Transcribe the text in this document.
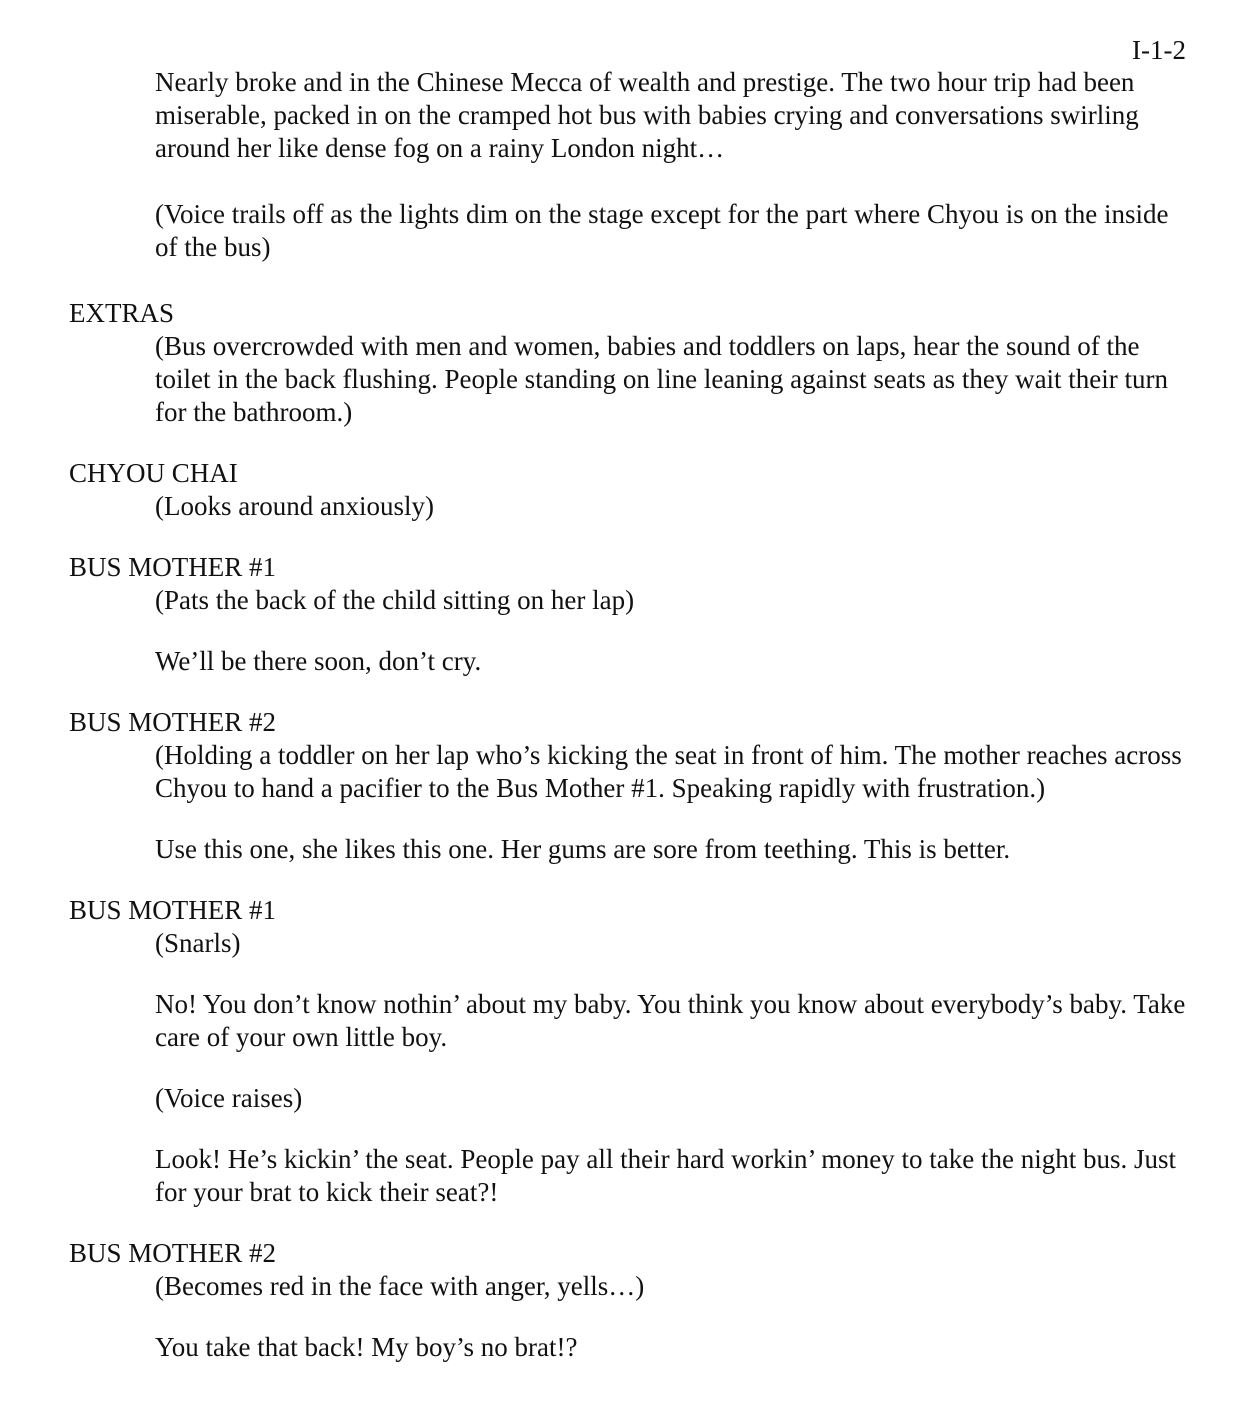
I-1-2

Nearly broke and in the Chinese Mecca of wealth and prestige. The two hour trip had been miserable, packed in on the cramped hot bus with babies crying and conversations swirling around her like dense fog on a rainy London night…

(Voice trails off as the lights dim on the stage except for the part where Chyou is on the inside of the bus)

EXTRAS

(Bus overcrowded with men and women, babies and toddlers on laps, hear the sound of the toilet in the back flushing. People standing on line leaning against seats as they wait their turn for the bathroom.)

CHYOU CHAI

(Looks around anxiously)

BUS MOTHER #1

(Pats the back of the child sitting on her lap)

We’ll be there soon, don’t cry.

BUS MOTHER #2

(Holding a toddler on her lap who’s kicking the seat in front of him. The mother reaches across Chyou to hand a pacifier to the Bus Mother #1. Speaking rapidly with frustration.)

Use this one, she likes this one. Her gums are sore from teething. This is better.

BUS MOTHER #1

(Snarls)

No! You don’t know nothin’ about my baby. You think you know about everybody’s baby. Take care of your own little boy.

(Voice raises)

Look! He’s kickin’ the seat. People pay all their hard workin’ money to take the night bus. Just for your brat to kick their seat?!

BUS MOTHER #2

(Becomes red in the face with anger, yells…)

You take that back! My boy’s no brat!?
